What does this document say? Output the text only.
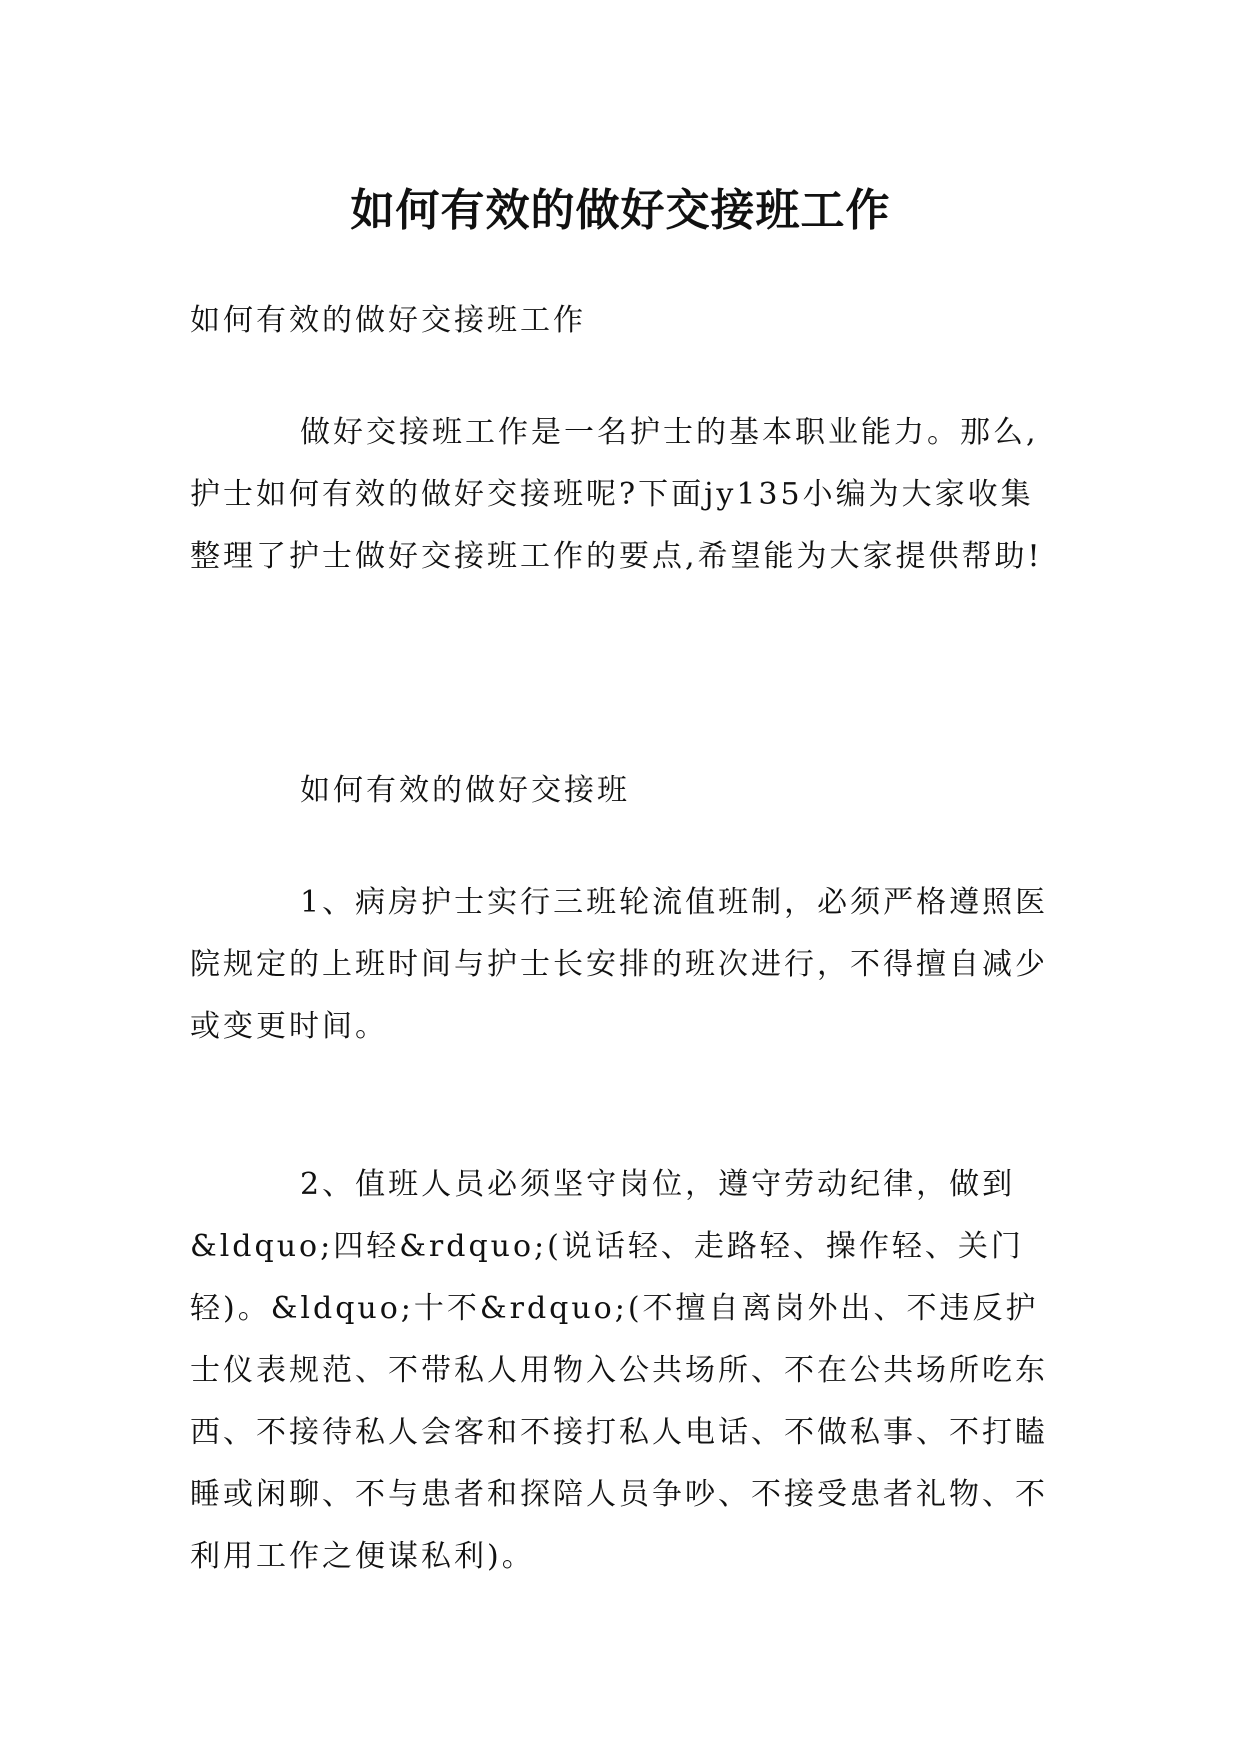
如何有效的做好交接班工作

如何有效的做好交接班工作

做好交接班工作是一名护士的基本职业能力。那么,护士如何有效的做好交接班呢?下面jy135小编为大家收集整理了护士做好交接班工作的要点,希望能为大家提供帮助!

如何有效的做好交接班

1、病房护士实行三班轮流值班制，必须严格遵照医院规定的上班时间与护士长安排的班次进行，不得擅自减少或变更时间。

2、值班人员必须坚守岗位，遵守劳动纪律，做到&ldquo;四轻&rdquo;(说话轻、走路轻、操作轻、关门轻)。&ldquo;十不&rdquo;(不擅自离岗外出、不违反护士仪表规范、不带私人用物入公共场所、不在公共场所吃东西、不接待私人会客和不接打私人电话、不做私事、不打瞌睡或闲聊、不与患者和探陪人员争吵、不接受患者礼物、不利用工作之便谋私利)。
